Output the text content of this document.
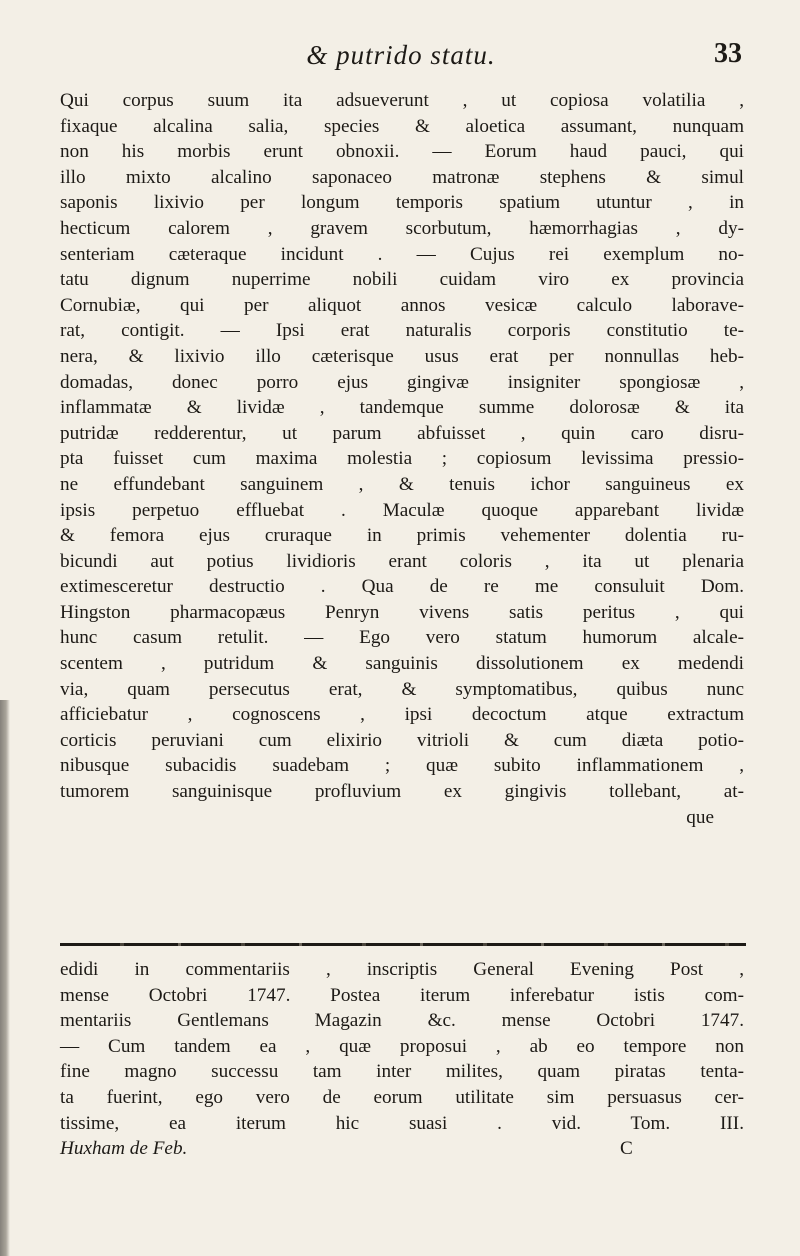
& putrido statu.	33
Qui corpus suum ita adsueverunt , ut copiosa volatilia ,
fixaque alcalina salia, species & aloetica assumant, nunquam
non his morbis erunt obnoxii. — Eorum haud pauci, qui
illo mixto alcalino saponaceo matronæ stephens & simul
saponis lixivio per longum temporis spatium utuntur , in
hecticum calorem , gravem scorbutum, hæmorrhagias , dy-
senteriam cæteraque incidunt . — Cujus rei exemplum no-
tatu dignum nuperrime nobili cuidam viro ex provincia
Cornubiæ, qui per aliquot annos vesicæ calculo laborave-
rat, contigit. — Ipsi erat naturalis corporis constitutio te-
nera, & lixivio illo cæterisque usus erat per nonnullas heb-
domadas, donec porro ejus gingivæ insigniter spongiosæ ,
inflammatæ & lividæ , tandemque summe dolorosæ & ita
putridæ redderentur, ut parum abfuisset , quin caro disru-
pta fuisset cum maxima molestia ; copiosum levissima pressio-
ne effundebant sanguinem , & tenuis ichor sanguineus ex
ipsis perpetuo effluebat . Maculæ quoque apparebant lividæ
& femora ejus cruraque in primis vehementer dolentia ru-
bicundi aut potius lividioris erant coloris , ita ut plenaria
extimesceretur destructio . Qua de re me consuluit Dom.
Hingston pharmacopæus Penryn vivens satis peritus , qui
hunc casum retulit. — Ego vero statum humorum alcale-
scentem , putridum & sanguinis dissolutionem ex medendi
via, quam persecutus erat, & symptomatibus, quibus nunc
afficiebatur , cognoscens , ipsi decoctum atque extractum
corticis peruviani cum elixirio vitrioli & cum diæta potio-
nibusque subacidis suadebam ; quæ subito inflammationem ,
tumorem sanguinisque profluvium ex gingivis tollebant, at-
que
edidi in commentariis , inscriptis General Evening Post ,
mense Octobri 1747. Postea iterum inferebatur istis com-
mentariis Gentlemans Magazin &c. mense Octobri 1747.
— Cum tandem ea , quæ proposui , ab eo tempore non
fine magno successu tam inter milites, quam piratas tenta-
ta fuerint, ego vero de eorum utilitate sim persuasus cer-
tissime, ea iterum hic suasi . vid. Tom. III.
Huxham de Feb.	C
